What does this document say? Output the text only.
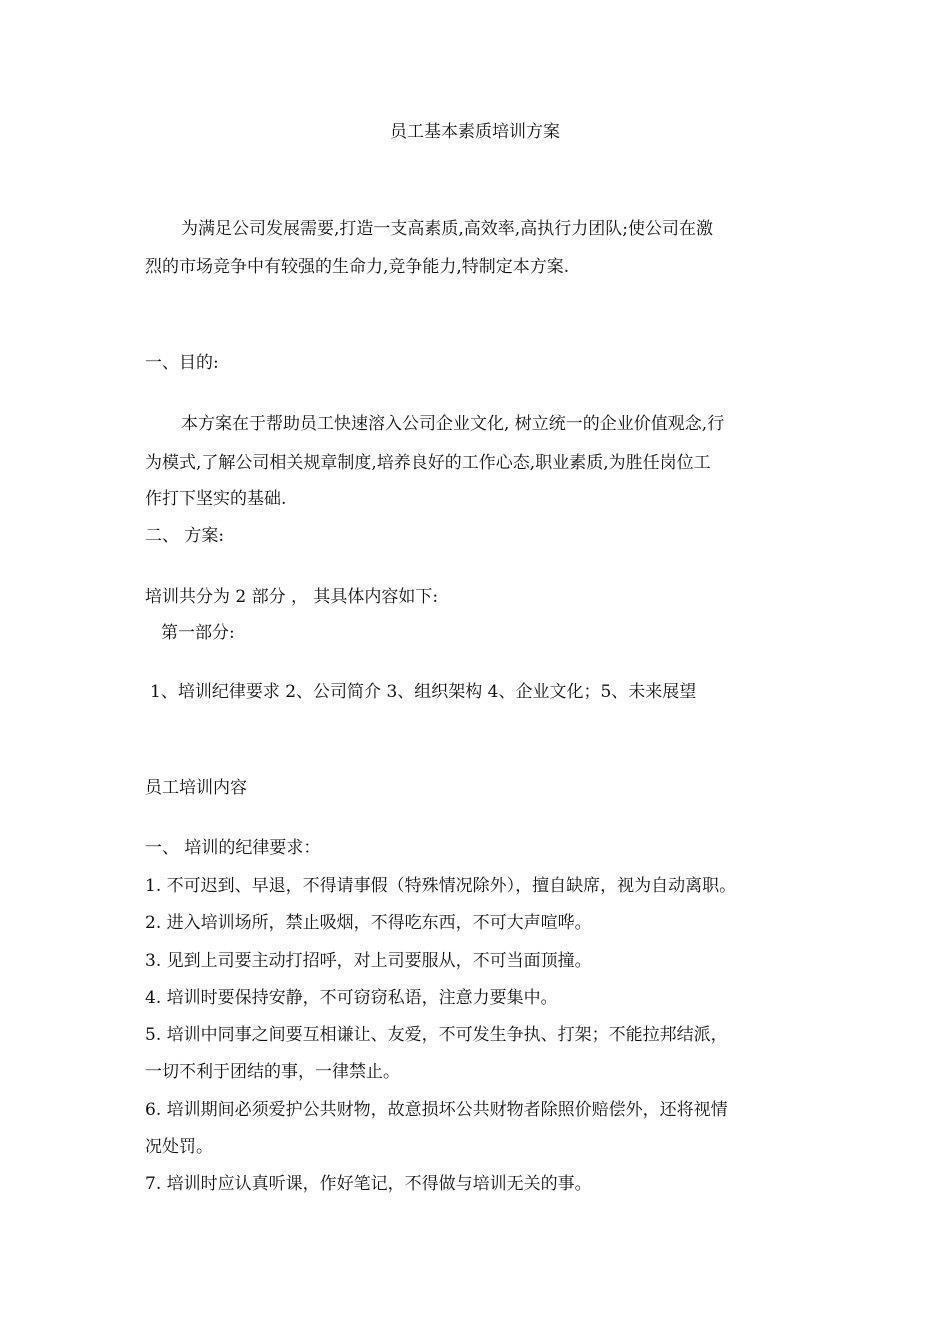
员工基本素质培训方案
为满足公司发展需要,打造一支高素质,高效率,高执行力团队;使公司在激
烈的市场竞争中有较强的生命力,竞争能力,特制定本方案.
一、目的:
本方案在于帮助员工快速溶入公司企业文化, 树立统一的企业价值观念,行
为模式,了解公司相关规章制度,培养良好的工作心态,职业素质,为胜任岗位工
作打下坚实的基础.
二、 方案:
培训共分为 2 部分 ， 其具体内容如下:
第一部分:
1、培训纪律要求 2、公司简介 3、组织架构 4、企业文化；5、未来展望
员工培训内容
一、 培训的纪律要求：
1. 不可迟到、早退，不得请事假（特殊情况除外），擅自缺席，视为自动离职。
2. 进入培训场所，禁止吸烟，不得吃东西，不可大声喧哗。
3. 见到上司要主动打招呼，对上司要服从，不可当面顶撞。
4. 培训时要保持安静，不可窃窃私语，注意力要集中。
5. 培训中同事之间要互相谦让、友爱，不可发生争执、打架；不能拉邦结派，
一切不利于团结的事，一律禁止。
6. 培训期间必须爱护公共财物，故意损坏公共财物者除照价赔偿外，还将视情
况处罚。
7. 培训时应认真听课，作好笔记，不得做与培训无关的事。
